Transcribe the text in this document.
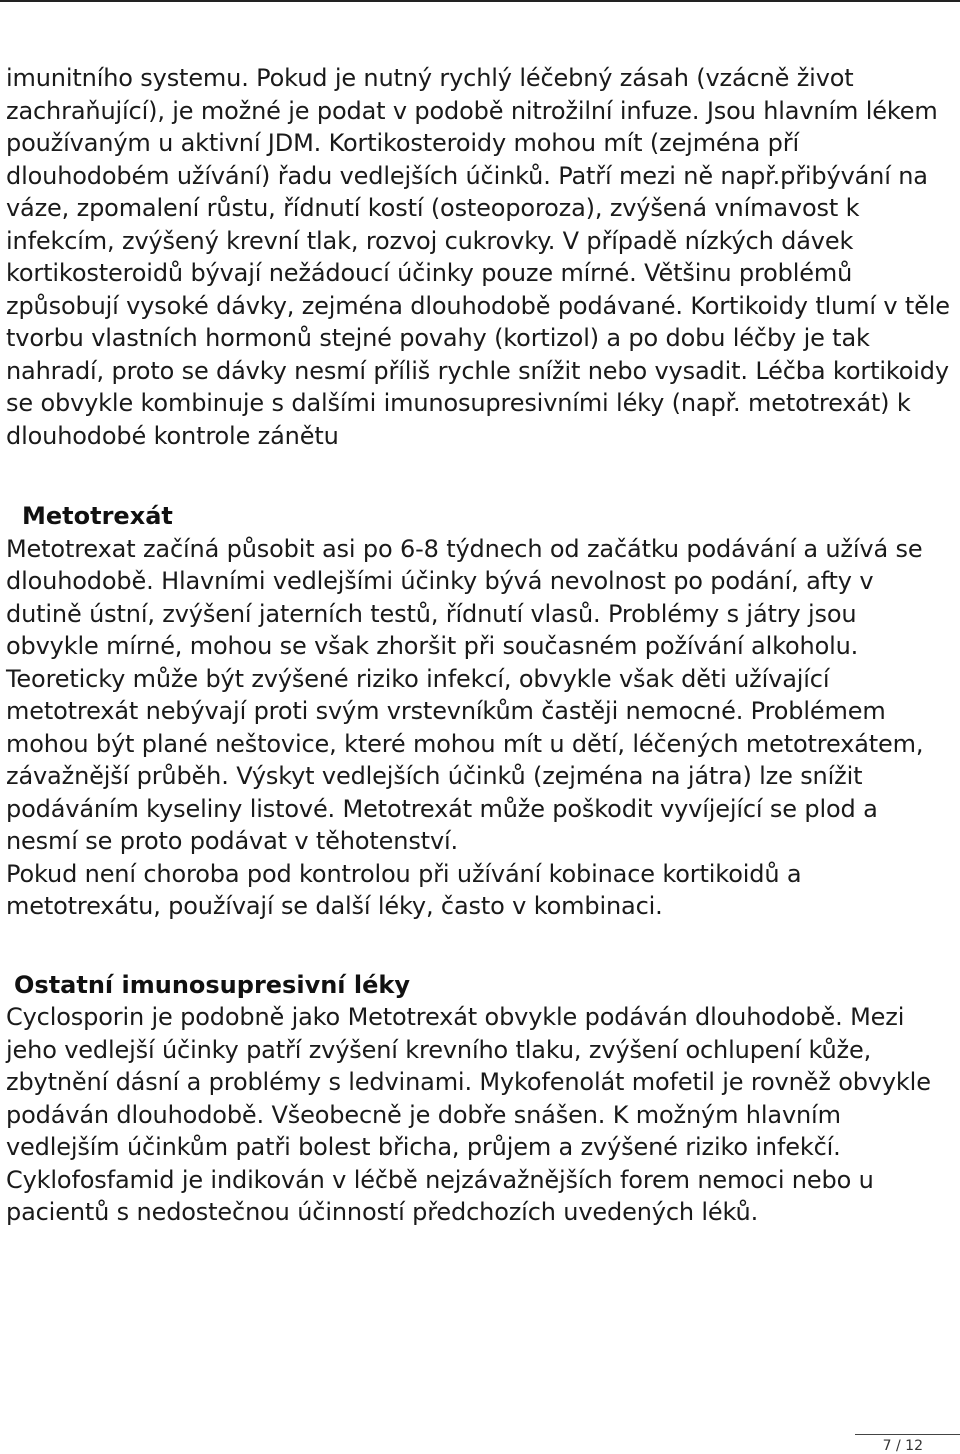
imunitního systemu. Pokud je nutný rychlý léčebný zásah (vzácně život zachraňující), je možné je podat v podobě nitrožilní infuze. Jsou hlavním lékem používaným u aktivní JDM. Kortikosteroidy mohou mít (zejména pří dlouhodobém užívání) řadu vedlejších účinků. Patří mezi ně např.přibývání na váze, zpomalení růstu, řídnutí kostí (osteoporoza), zvýšená vnímavost k infekcím, zvýšený krevní tlak, rozvoj cukrovky. V případě nízkých dávek kortikosteroidů bývají nežádoucí účinky pouze mírné. Většinu problémů způsobují vysoké dávky, zejména dlouhodobě podávané. Kortikoidy tlumí v těle tvorbu vlastních hormonů stejné povahy (kortizol) a po dobu léčby je tak nahradí, proto se dávky nesmí příliš rychle snížit nebo vysadit. Léčba kortikoidy se obvykle kombinuje s dalšími imunosupresivními léky (např. metotrexát) k dlouhodobé kontrole zánětu

Metotrexát

Metotrexat začíná působit asi po 6-8 týdnech od začátku podávání a užívá se dlouhodobě. Hlavními vedlejšími účinky bývá nevolnost po podání, afty v dutině ústní, zvýšení jaterních testů, řídnutí vlasů. Problémy s játry jsou obvykle mírné, mohou se však zhoršit při současném požívání alkoholu. Teoreticky může být zvýšené riziko infekcí, obvykle však děti užívající metotrexát nebývají proti svým vrstevníkům častěji nemocné. Problémem mohou být plané neštovice, které mohou mít u dětí, léčených metotrexátem, závažnější průběh. Výskyt vedlejších účinků (zejména na játra) lze snížit podáváním kyseliny listové. Metotrexát může poškodit vyvíjející se plod a nesmí se proto podávat v těhotenství.

Pokud není choroba pod kontrolou při užívání kobinace kortikoidů a metotrexátu, používají se další léky, často v kombinaci.

Ostatní imunosupresivní léky

Cyclosporin je podobně jako Metotrexát obvykle podáván dlouhodobě. Mezi jeho vedlejší účinky patří zvýšení krevního tlaku, zvýšení ochlupení kůže, zbytnění dásní a problémy s ledvinami. Mykofenolát mofetil je rovněž obvykle podáván dlouhodobě. Všeobecně je dobře snášen. K možným hlavním vedlejším účinkům patři bolest břicha, průjem a zvýšené riziko infekčí. Cyklofosfamid je indikován v léčbě nejzávažnějších forem nemoci nebo u pacientů s nedostečnou účinností předchozích uvedených léků.

7 / 12
